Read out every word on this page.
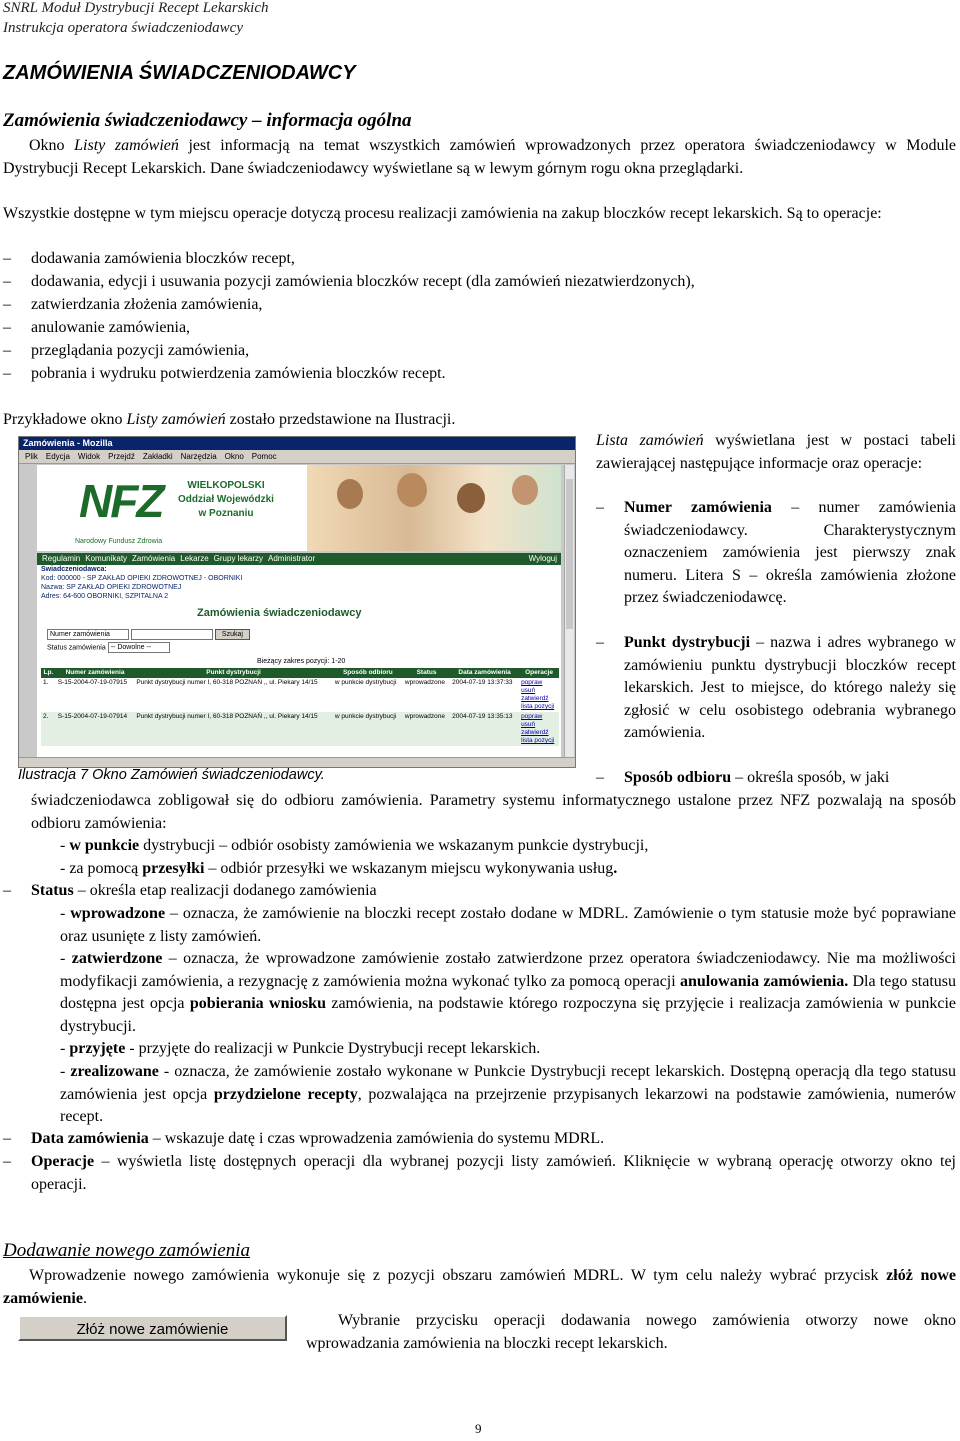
SNRL Moduł Dystrybucji Recept Lekarskich
Instrukcja operatora świadczeniodawcy
ZAMÓWIENIA ŚWIADCZENIODAWCY
Zamówienia świadczeniodawcy – informacja ogólna
Okno Listy zamówień jest informacją na temat wszystkich zamówień wprowadzonych przez operatora świadczeniodawcy w Module Dystrybucji Recept Lekarskich. Dane świadczeniodawcy wyświetlane są w lewym górnym rogu okna przeglądarki.
Wszystkie dostępne w tym miejscu operacje dotyczą procesu realizacji zamówienia na zakup bloczków recept lekarskich. Są to operacje:
– dodawania zamówienia bloczków recept,
– dodawania, edycji i usuwania pozycji zamówienia bloczków recept (dla zamówień niezatwierdzonych),
– zatwierdzania złożenia zamówienia,
– anulowanie zamówienia,
– przeglądania pozycji zamówienia,
– pobrania i wydruku potwierdzenia zamówienia bloczków recept.
Przykładowe okno Listy zamówień zostało przedstawione na Ilustracji.
Zamówienia - Mozilla
Plik Edycja Widok Przejdź Zakładki Narzędzia Okno Pomoc
NFZ
Narodowy Fundusz Zdrowia
WIELKOPOLSKI
Oddział Wojewódzki
w Poznaniu
Regulamin Komunikaty Zamówienia Lekarze Grupy lekarzy Administrator	Wyloguj
Świadczeniodawca:
Kod: 000000 - SP ZAKŁAD OPIEKI ZDROWOTNEJ - OBORNIKI
Nazwa: SP ZAKŁAD OPIEKI ZDROWOTNEJ
Adres: 64-600 OBORNIKI, SZPITALNA 2
Zamówienia świadczeniodawcy
Numer zamówienia	Szukaj
Status zamówienia -- Dowolne --
Bieżący zakres pozycji: 1-20
Lp.	Numer zamówienia	Punkt dystrybucji	Sposób odbioru	Status	Data zamówienia	Operacje
1.	S-15-2004-07-19-07915	Punkt dystrybucji numer I, 60-318 POZNAŃ ,, ul. Piekary 14/15	w punkcie dystrybucji	wprowadzone	2004-07-19 13:37:33	popraw
usuń
zatwierdź
lista pozycji
2.	S-15-2004-07-19-07914	Punkt dystrybucji numer I, 60-318 POZNAŃ ,, ul. Piekary 14/15	w punkcie dystrybucji	wprowadzone	2004-07-19 13:35:13	popraw
usuń
zatwierdź
lista pozycji
Ilustracja 7 Okno Zamówień świadczeniodawcy.
Lista zamówień wyświetlana jest w postaci tabeli zawierającej następujące informacje oraz operacje:
– Numer zamówienia – numer zamówienia świadczeniodawcy. Charakterystycznym oznaczeniem zamówienia jest pierwszy znak numeru. Litera S – określa zamówienia złożone przez świadczeniodawcę.
– Punkt dystrybucji – nazwa i adres wybranego w zamówieniu punktu dystrybucji bloczków recept lekarskich. Jest to miejsce, do którego należy się zgłosić w celu osobistego odebrania wybranego zamówienia.
– Sposób odbioru – określa sposób, w jaki
świadczeniodawca zobligował się do odbioru zamówienia. Parametry systemu informatycznego ustalone przez NFZ pozwalają na sposób odbioru zamówienia:
- w punkcie dystrybucji – odbiór osobisty zamówienia we wskazanym punkcie dystrybucji,
- za pomocą przesyłki – odbiór przesyłki we wskazanym miejscu wykonywania usług.
– Status – określa etap realizacji dodanego zamówienia
- wprowadzone – oznacza, że zamówienie na bloczki recept zostało dodane w MDRL. Zamówienie o tym statusie może być poprawiane oraz usunięte z listy zamówień.
- zatwierdzone – oznacza, że wprowadzone zamówienie zostało zatwierdzone przez operatora świadczeniodawcy. Nie ma możliwości modyfikacji zamówienia, a rezygnację z zamówienia można wykonać tylko za pomocą operacji anulowania zamówienia. Dla tego statusu dostępna jest opcja pobierania wniosku zamówienia, na podstawie którego rozpoczyna się przyjęcie i realizacja zamówienia w punkcie dystrybucji.
- przyjęte - przyjęte do realizacji w Punkcie Dystrybucji recept lekarskich.
- zrealizowane - oznacza, że zamówienie zostało wykonane w Punkcie Dystrybucji recept lekarskich. Dostępną operacją dla tego statusu zamówienia jest opcja przydzielone recepty, pozwalająca na przejrzenie przypisanych lekarzowi na podstawie zamówienia, numerów recept.
– Data zamówienia – wskazuje datę i czas wprowadzenia zamówienia do systemu MDRL.
– Operacje – wyświetla listę dostępnych operacji dla wybranej pozycji listy zamówień. Kliknięcie w wybraną operację otworzy okno tej operacji.
Dodawanie nowego zamówienia
Wprowadzenie nowego zamówienia wykonuje się z pozycji obszaru zamówień MDRL. W tym celu należy wybrać przycisk złóż nowe zamówienie.
Złóż nowe zamówienie
Wybranie przycisku operacji dodawania nowego zamówienia otworzy nowe okno wprowadzania zamówienia na bloczki recept lekarskich.
9
